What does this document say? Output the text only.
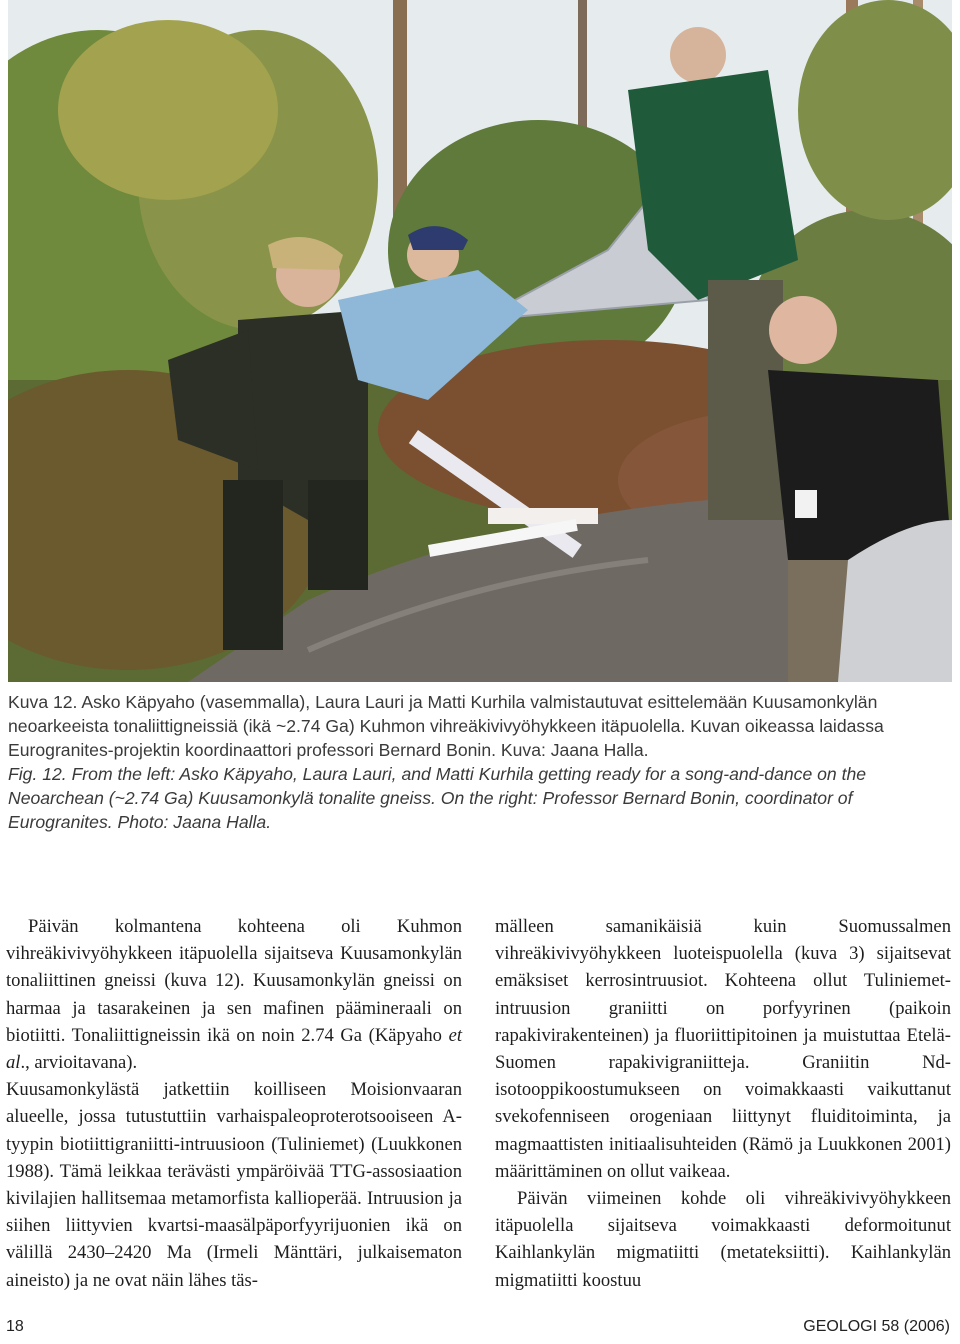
Kuva 12. Asko Käpyaho (vasemmalla), Laura Lauri ja Matti Kurhila valmistautuvat esittelemään Kuusamonkylän neoarkeeista tonaliittigneissiä (ikä ~2.74 Ga) Kuhmon vihreäkivivyöhykkeen itäpuolella. Kuvan oikeassa laidassa Eurogranites-projektin koordinaattori professori Bernard Bonin. Kuva: Jaana Halla.

Fig. 12. From the left: Asko Käpyaho, Laura Lauri, and Matti Kurhila getting ready for a song-and-dance on the Neoarchean (~2.74 Ga) Kuusamonkylä tonalite gneiss. On the right: Professor Bernard Bonin, coordinator of Eurogranites. Photo: Jaana Halla.

Päivän kolmantena kohteena oli Kuhmon vihreäkivivyöhykkeen itäpuolella sijaitseva Kuusamonkylän tonaliittinen gneissi (kuva 12). Kuusamonkylän gneissi on harmaa ja tasarakeinen ja sen mafinen päämineraali on biotiitti. Tonaliittigneissin ikä on noin 2.74 Ga (Käpyaho et al., arvioitavana).

Kuusamonkylästä jatkettiin koilliseen Moisionvaaran alueelle, jossa tutustuttiin varhaispaleoproterotsooiseen A-tyypin biotiittigraniitti-intruusioon (Tuliniemet) (Luukkonen 1988). Tämä leikkaa terävästi ympäröivää TTG-assosiaation kivilajien hallitsemaa metamorfista kallioperää. Intruusion ja siihen liittyvien kvartsi-maasälpäporfyyrijuonien ikä on välillä 2430–2420 Ma (Irmeli Mänttäri, julkaisematon aineisto) ja ne ovat näin lähes täs-

mälleen samanikäisiä kuin Suomussalmen vihreäkivivyöhykkeen luoteispuolella (kuva 3) sijaitsevat emäksiset kerrosintruusiot. Kohteena ollut Tuliniemet-intruusion graniitti on porfyyrinen (paikoin rapakivirakenteinen) ja fluoriittipitoinen ja muistuttaa Etelä-Suomen rapakivigraniitteja. Graniitin Nd-isotooppikoostumukseen on voimakkaasti vaikuttanut svekofenniseen orogeniaan liittynyt fluiditoiminta, ja magmaattisten initiaalisuhteiden (Rämö ja Luukkonen 2001) määrittäminen on ollut vaikeaa.

Päivän viimeinen kohde oli vihreäkivivyöhykkeen itäpuolella sijaitseva voimakkaasti deformoitunut Kaihlankylän migmatiitti (metateksiitti). Kaihlankylän migmatiitti koostuu

18	GEOLOGI 58 (2006)
